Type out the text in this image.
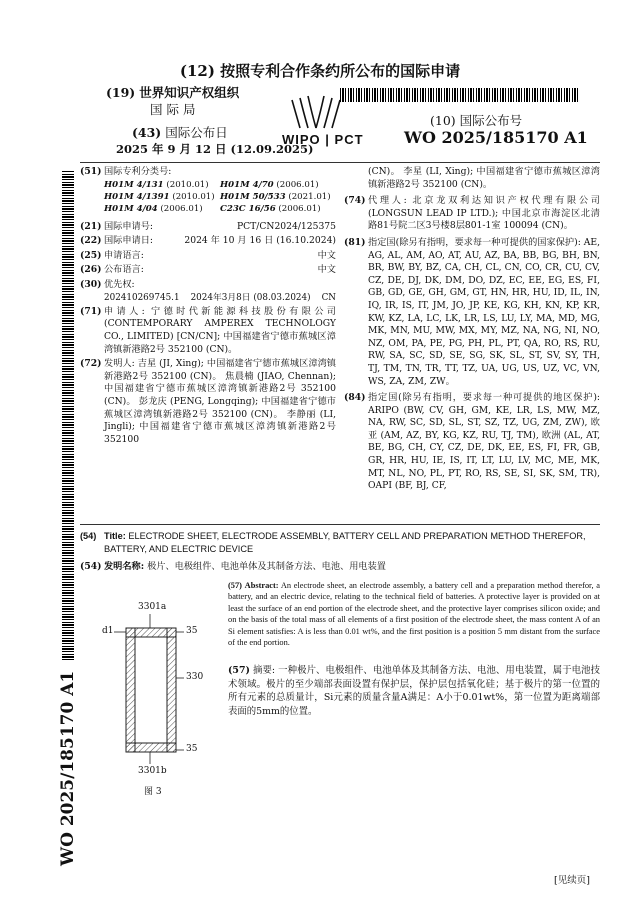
(12) 按照专利合作条约所公布的国际申请
(19) 世界知识产权组织
国 际 局
(43) 国际公布日
2025 年 9 月 12 日 (12.09.2025)
WIPO | PCT
(10) 国际公布号
WO 2025/185170 A1
(51) 国际专利分类号:
H01M 4/131 (2010.01)	H01M 4/70 (2006.01)
H01M 4/1391 (2010.01) H01M 50/533 (2021.01)
H01M 4/04 (2006.01)	C23C 16/56 (2006.01)
(21) 国际申请号:	PCT/CN2024/125375
(22) 国际申请日:	2024 年 10 月 16 日 (16.10.2024)
(25) 申请语言:	中文
(26) 公布语言:	中文
(30) 优先权:
202410269745.1 2024年3月8日 (08.03.2024) CN
(71) 申请人: 宁德时代新能源科技股份有限公司 (CONTEMPORARY AMPEREX TECHNOLOGY CO., LIMITED) [CN/CN]; 中国福建省宁德市蕉城区漳湾镇新港路2号 352100 (CN)。
(72) 发明人: 吉星 (JI, Xing); 中国福建省宁德市蕉城区漳湾镇新港路2号 352100 (CN)。 焦晨楠 (JIAO, Chennan); 中国福建省宁德市蕉城区漳湾镇新港路2号 352100 (CN)。 彭龙庆 (PENG, Longqing); 中国福建省宁德市蕉城区漳湾镇新港路2号 352100 (CN)。 李静丽 (LI, Jingli); 中国福建省宁德市蕉城区漳湾镇新港路2号 352100
(CN)。 李星 (LI, Xing); 中国福建省宁德市蕉城区漳湾镇新港路2号 352100 (CN)。
(74) 代理人: 北京龙双利达知识产权代理有限公司 (LONGSUN LEAD IP LTD.); 中国北京市海淀区北清路81号院二区3号楼8层801-1室 100094 (CN)。
(81) 指定国(除另有指明，要求每一种可提供的国家保护): AE, AG, AL, AM, AO, AT, AU, AZ, BA, BB, BG, BH, BN, BR, BW, BY, BZ, CA, CH, CL, CN, CO, CR, CU, CV, CZ, DE, DJ, DK, DM, DO, DZ, EC, EE, EG, ES, FI, GB, GD, GE, GH, GM, GT, HN, HR, HU, ID, IL, IN, IQ, IR, IS, IT, JM, JO, JP, KE, KG, KH, KN, KP, KR, KW, KZ, LA, LC, LK, LR, LS, LU, LY, MA, MD, MG, MK, MN, MU, MW, MX, MY, MZ, NA, NG, NI, NO, NZ, OM, PA, PE, PG, PH, PL, PT, QA, RO, RS, RU, RW, SA, SC, SD, SE, SG, SK, SL, ST, SV, SY, TH, TJ, TM, TN, TR, TT, TZ, UA, UG, US, UZ, VC, VN, WS, ZA, ZM, ZW。
(84) 指定国(除另有指明，要求每一种可提供的地区保护): ARIPO (BW, CV, GH, GM, KE, LR, LS, MW, MZ, NA, RW, SC, SD, SL, ST, SZ, TZ, UG, ZM, ZW), 欧亚 (AM, AZ, BY, KG, KZ, RU, TJ, TM), 欧洲 (AL, AT, BE, BG, CH, CY, CZ, DE, DK, EE, ES, FI, FR, GB, GR, HR, HU, IE, IS, IT, LT, LU, LV, MC, ME, MK, MT, NL, NO, PL, PT, RO, RS, SE, SI, SK, SM, TR), OAPI (BF, BJ, CF,
(54) Title: ELECTRODE SHEET, ELECTRODE ASSEMBLY, BATTERY CELL AND PREPARATION METHOD THEREFOR, BATTERY, AND ELECTRIC DEVICE
(54) 发明名称: 极片、电极组件、电池单体及其制备方法、电池、用电装置
3301a
d1	35
330
35
3301b
图 3
(57) Abstract: An electrode sheet, an electrode assembly, a battery cell and a preparation method therefor, a battery, and an electric device, relating to the technical field of batteries. A protective layer is provided on at least the surface of an end portion of the electrode sheet, and the protective layer comprises silicon oxide; and on the basis of the total mass of all elements of a first position of the electrode sheet, the mass content A of an Si element satisfies: A is less than 0.01 wt%, and the first position is a position 5 mm distant from the surface of the end portion.
(57) 摘要: 一种极片、电极组件、电池单体及其制备方法、电池、用电装置，属于电池技术领域。极片的至少端部表面设置有保护层，保护层包括氧化硅；基于极片的第一位置的所有元素的总质量计，Si元素的质量含量A满足：A小于0.01wt%，第一位置为距离端部表面的5mm的位置。
WO 2025/185170 A1
[见续页]
